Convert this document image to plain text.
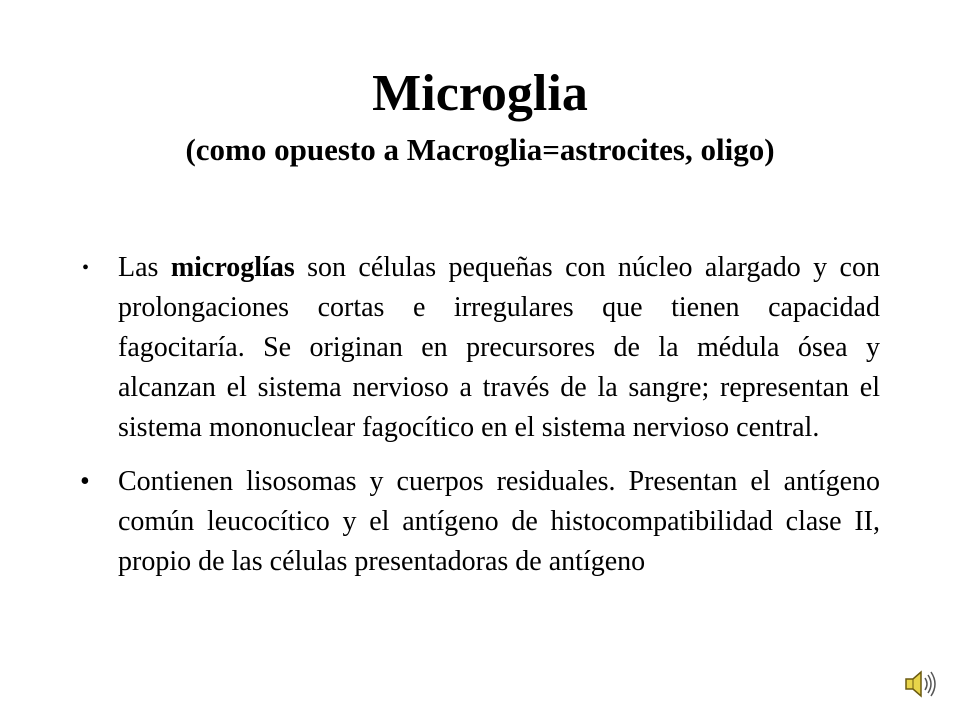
Microglia
(como opuesto a Macroglia=astrocites, oligo)
• Las microglías son células pequeñas con núcleo alargado y con prolongaciones cortas e irregulares que tienen capacidad fagocitaría. Se originan en precursores de la médula ósea y alcanzan el sistema nervioso a través de la sangre; representan el sistema mononuclear fagocítico en el sistema nervioso central.
• Contienen lisosomas y cuerpos residuales. Presentan el antígeno común leucocítico y el antígeno de histocompatibilidad clase II, propio de las células presentadoras de antígeno
